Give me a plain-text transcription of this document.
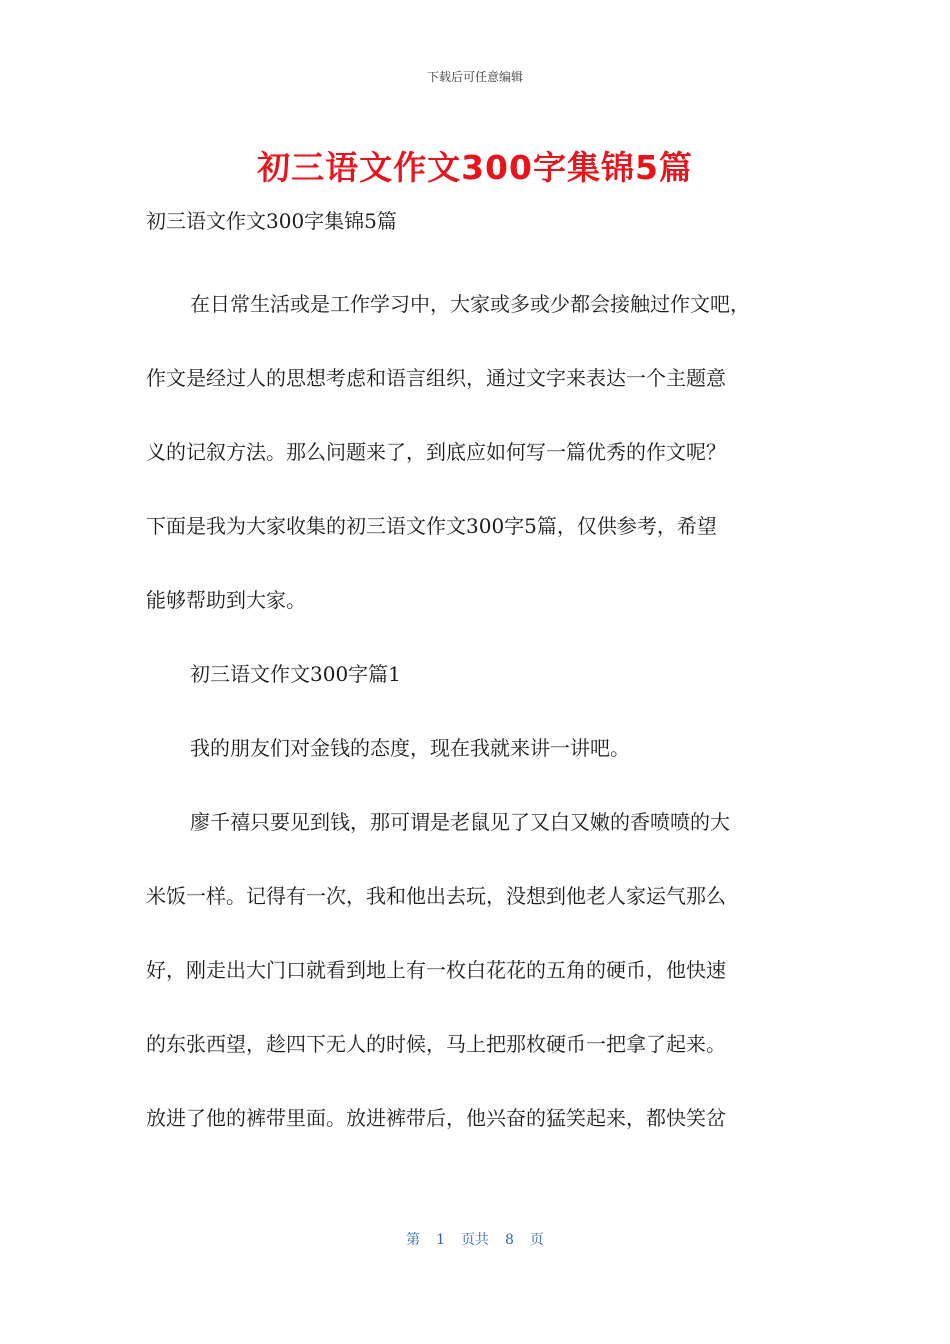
下载后可任意编辑
初三语文作文300字集锦5篇
初三语文作文300字集锦5篇

在日常生活或是工作学习中，大家或多或少都会接触过作文吧，
作文是经过人的思想考虑和语言组织，通过文字来表达一个主题意
义的记叙方法。那么问题来了，到底应如何写一篇优秀的作文呢？
下面是我为大家收集的初三语文作文300字5篇，仅供参考，希望
能够帮助到大家。

初三语文作文300字篇1

我的朋友们对金钱的态度，现在我就来讲一讲吧。

廖千禧只要见到钱，那可谓是老鼠见了又白又嫩的香喷喷的大
米饭一样。记得有一次，我和他出去玩，没想到他老人家运气那么
好，刚走出大门口就看到地上有一枚白花花的五角的硬币，他快速
的东张西望，趁四下无人的时候，马上把那枚硬币一把拿了起来。
放进了他的裤带里面。放进裤带后，他兴奋的猛笑起来，都快笑岔

第 1 页共 8 页
